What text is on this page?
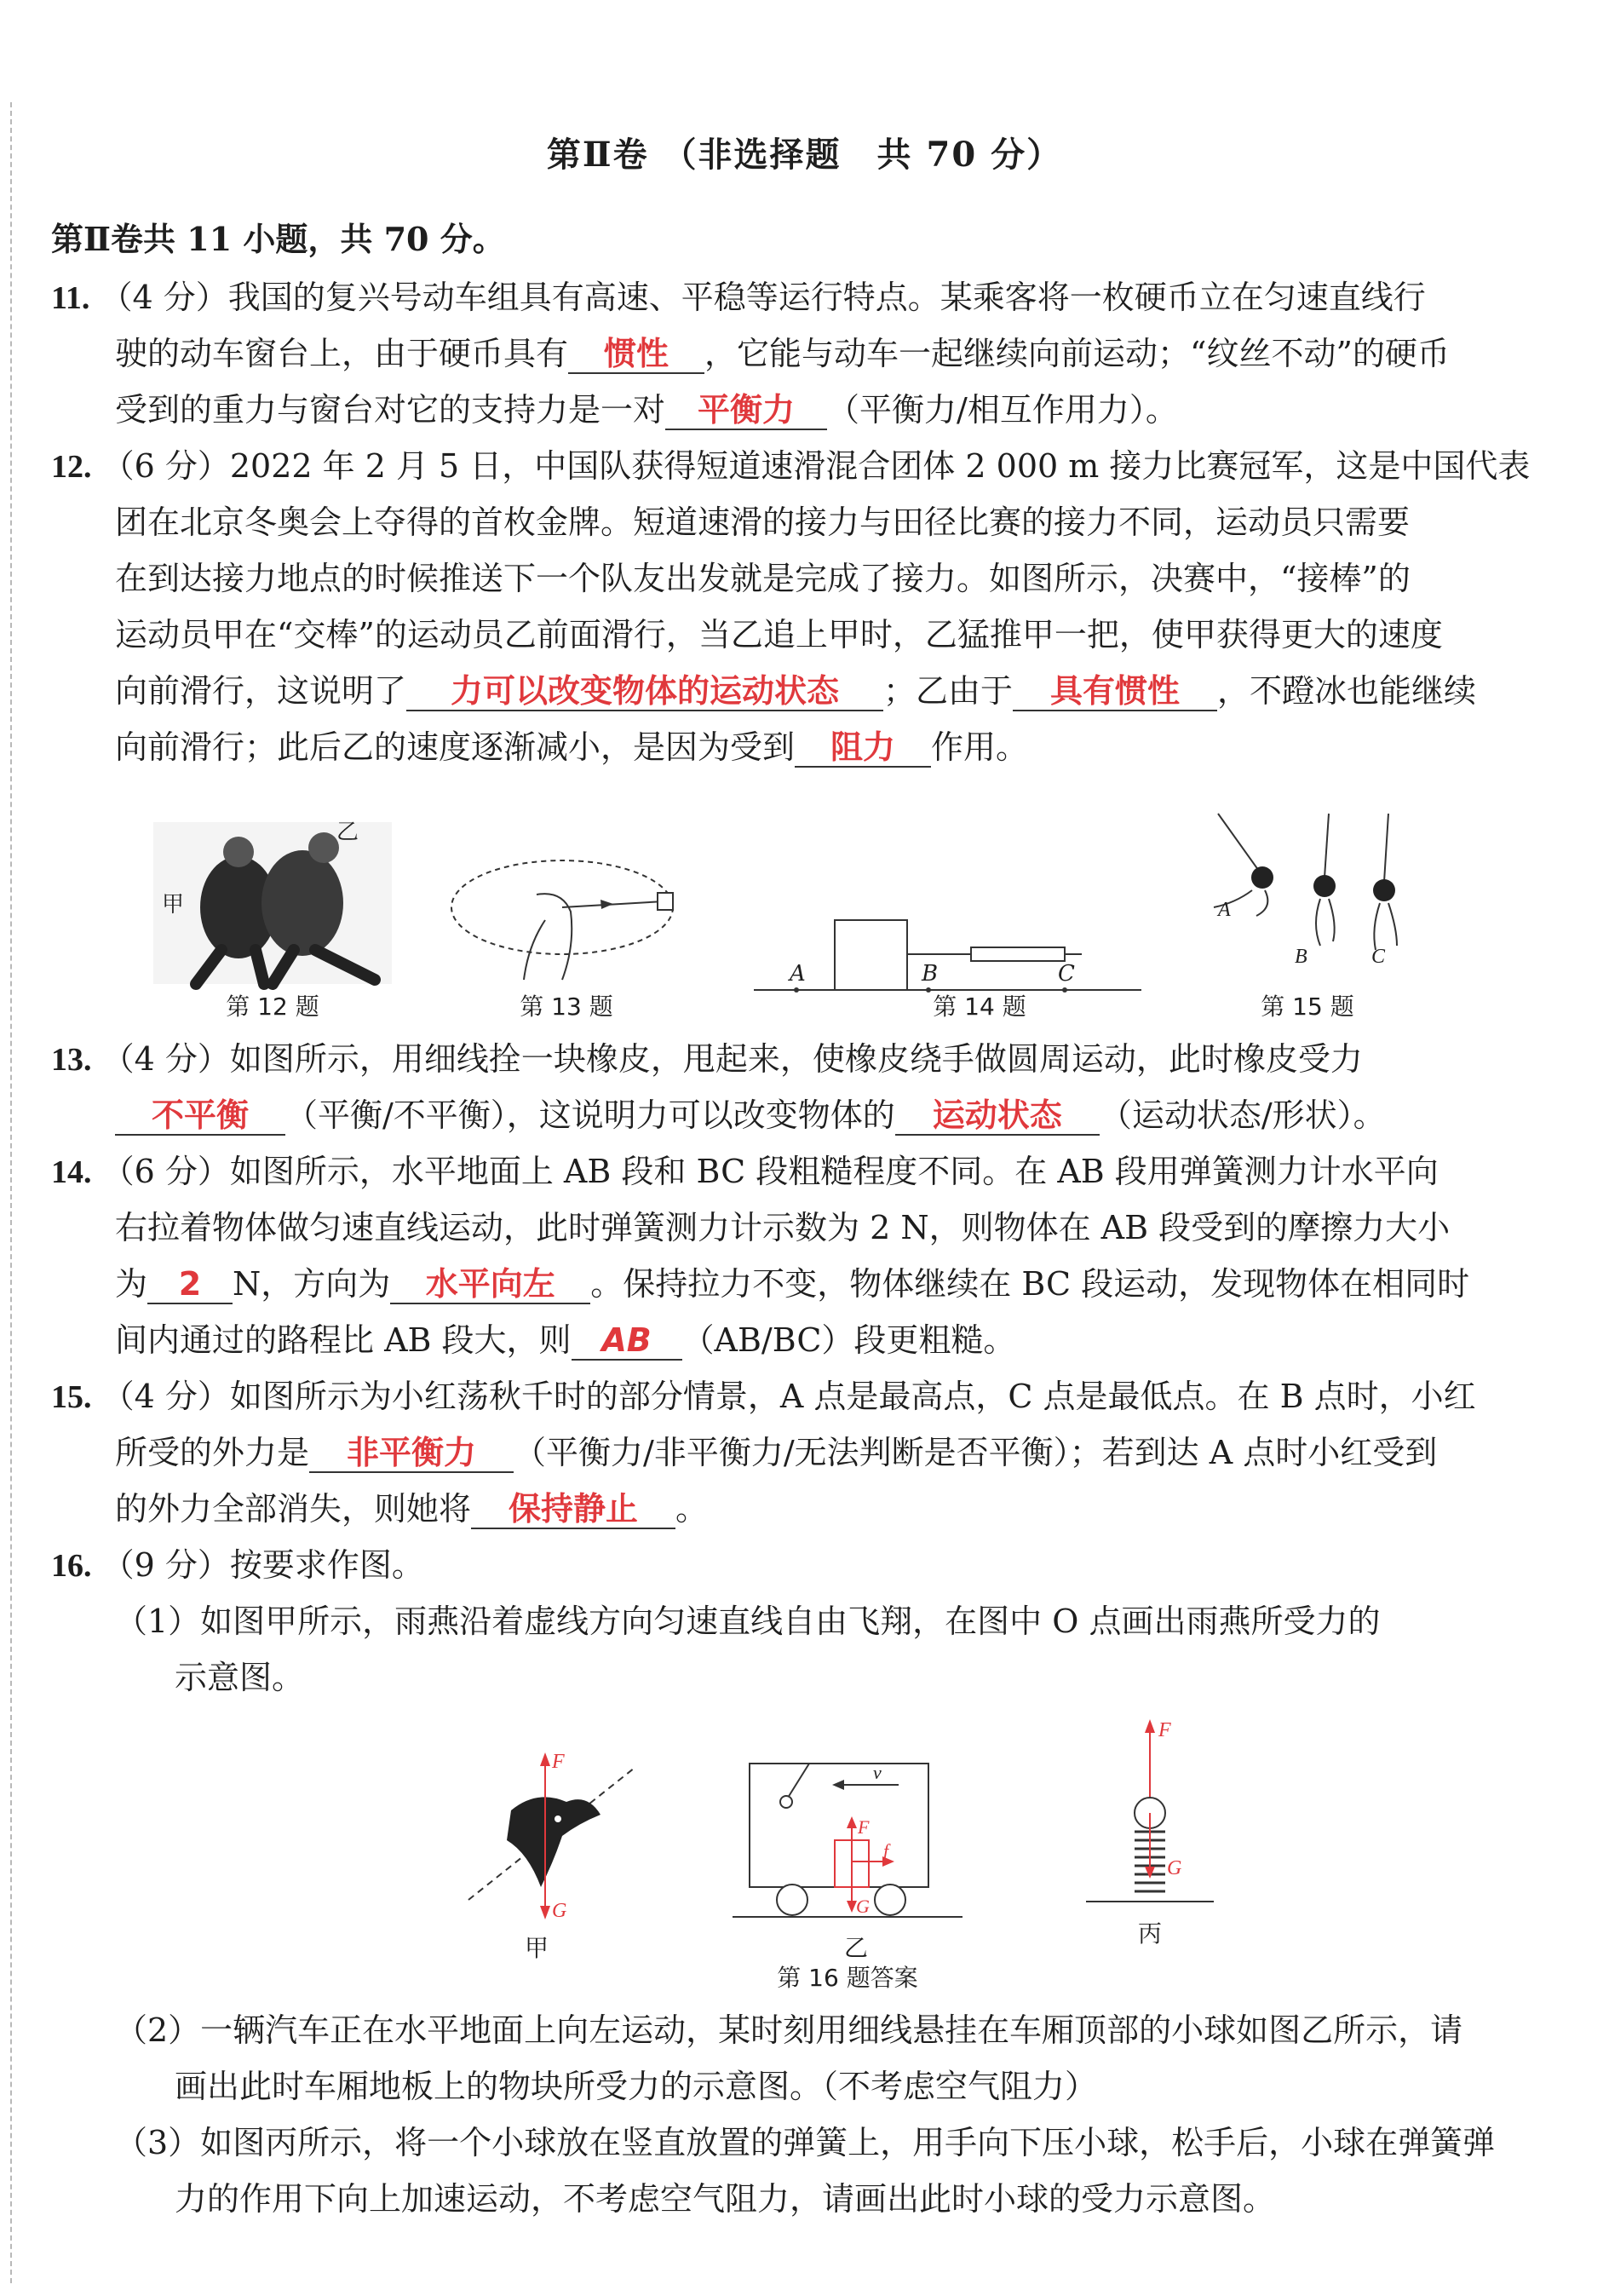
第Ⅱ卷 （非选择题　共 70 分）
第Ⅱ卷共 11 小题，共 70 分。
11. （4 分）我国的复兴号动车组具有高速、平稳等运行特点。某乘客将一枚硬币立在匀速直线行
驶的动车窗台上，由于硬币具有 惯性 ，它能与动车一起继续向前运动；“纹丝不动”的硬币
受到的重力与窗台对它的支持力是一对 平衡力 （平衡力/相互作用力）。
12. （6 分）2022 年 2 月 5 日，中国队获得短道速滑混合团体 2 000 m 接力比赛冠军，这是中国代表
团在北京冬奥会上夺得的首枚金牌。短道速滑的接力与田径比赛的接力不同，运动员只需要
在到达接力地点的时候推送下一个队友出发就是完成了接力。如图所示，决赛中，“接棒”的
运动员甲在“交棒”的运动员乙前面滑行，当乙追上甲时，乙猛推甲一把，使甲获得更大的速度
向前滑行，这说明了 力可以改变物体的运动状态 ；乙由于 具有惯性 ，不蹬冰也能继续
向前滑行；此后乙的速度逐渐减小，是因为受到 阻力 作用。
甲
乙
第 12 题	第 13 题
A	B	C
第 14 题
A
B	C
第 15 题
13. （4 分）如图所示，用细线拴一块橡皮，甩起来，使橡皮绕手做圆周运动，此时橡皮受力
不平衡 （平衡/不平衡），这说明力可以改变物体的 运动状态 （运动状态/形状）。
14. （6 分）如图所示，水平地面上 AB 段和 BC 段粗糙程度不同。在 AB 段用弹簧测力计水平向
右拉着物体做匀速直线运动，此时弹簧测力计示数为 2 N，则物体在 AB 段受到的摩擦力大小
为 2 N，方向为 水平向左 。保持拉力不变，物体继续在 BC 段运动，发现物体在相同时
间内通过的路程比 AB 段大，则 AB （AB/BC）段更粗糙。
15. （4 分）如图所示为小红荡秋千时的部分情景，A 点是最高点，C 点是最低点。在 B 点时，小红
所受的外力是 非平衡力 （平衡力/非平衡力/无法判断是否平衡）；若到达 A 点时小红受到
的外力全部消失，则她将 保持静止 。
16. （9 分）按要求作图。
（1）如图甲所示，雨燕沿着虚线方向匀速直线自由飞翔，在图中 O 点画出雨燕所受力的
示意图。
F
G
甲
v
F
f
G
乙
第 16 题答案
F
G
丙
（2）一辆汽车正在水平地面上向左运动，某时刻用细线悬挂在车厢顶部的小球如图乙所示，请
画出此时车厢地板上的物块所受力的示意图。（不考虑空气阻力）
（3）如图丙所示，将一个小球放在竖直放置的弹簧上，用手向下压小球，松手后，小球在弹簧弹
力的作用下向上加速运动，不考虑空气阻力，请画出此时小球的受力示意图。
